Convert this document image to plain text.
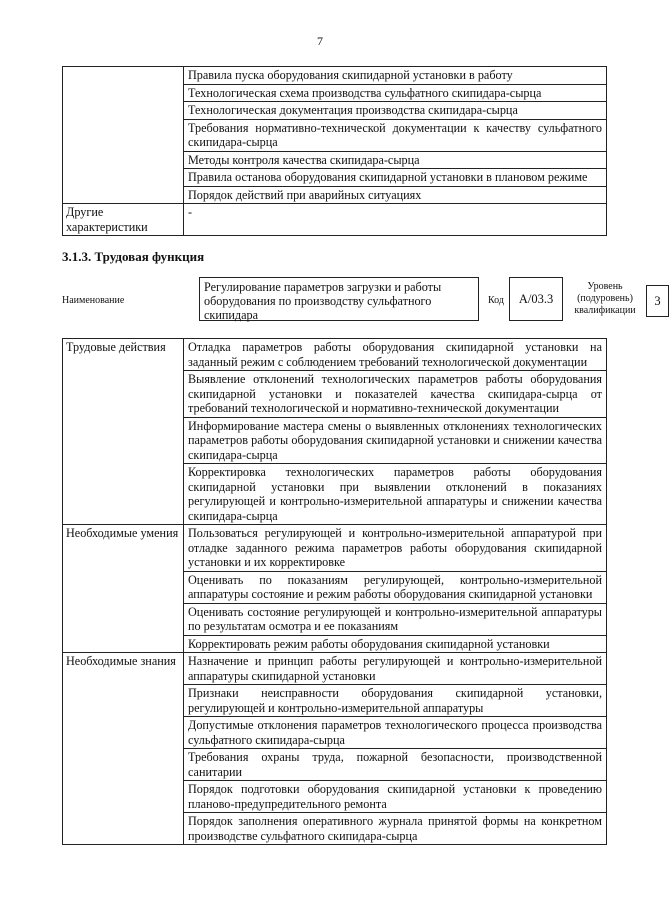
7
	Правила пуска оборудования скипидарной установки в работу
	Технологическая схема производства сульфатного скипидара-сырца
	Технологическая документация производства скипидара-сырца
	Требования нормативно-технической документации к качеству сульфатного скипидара-сырца
	Методы контроля качества скипидара-сырца
	Правила останова оборудования скипидарной установки в плановом режиме
	Порядок действий при аварийных ситуациях
Другие характеристики	-
3.1.3. Трудовая функция
Наименование
Регулирование параметров загрузки и работы оборудования по производству сульфатного скипидара
Код	А/03.3
Уровень (подуровень) квалификации
3
Трудовые действия	Отладка параметров работы оборудования скипидарной установки на заданный режим с соблюдением требований технологической документации
	Выявление отклонений технологических параметров работы оборудования скипидарной установки и показателей качества скипидара-сырца от требований технологической и нормативно-технической документации
	Информирование мастера смены о выявленных отклонениях технологических параметров работы оборудования скипидарной установки и снижении качества скипидара-сырца
	Корректировка технологических параметров работы оборудования скипидарной установки при выявлении отклонений в показаниях регулирующей и контрольно-измерительной аппаратуры и снижении качества скипидара-сырца
Необходимые умения	Пользоваться регулирующей и контрольно-измерительной аппаратурой при отладке заданного режима параметров работы оборудования скипидарной установки и их корректировке
	Оценивать по показаниям регулирующей, контрольно-измерительной аппаратуры состояние и режим работы оборудования скипидарной установки
	Оценивать состояние регулирующей и контрольно-измерительной аппаратуры по результатам осмотра и ее показаниям
	Корректировать режим работы оборудования скипидарной установки
Необходимые знания	Назначение и принцип работы регулирующей и контрольно-измерительной аппаратуры скипидарной установки
	Признаки неисправности оборудования скипидарной установки, регулирующей и контрольно-измерительной аппаратуры
	Допустимые отклонения параметров технологического процесса производства сульфатного скипидара-сырца
	Требования охраны труда, пожарной безопасности, производственной санитарии
	Порядок подготовки оборудования скипидарной установки к проведению планово-предупредительного ремонта
	Порядок заполнения оперативного журнала принятой формы на конкретном производстве сульфатного скипидара-сырца
